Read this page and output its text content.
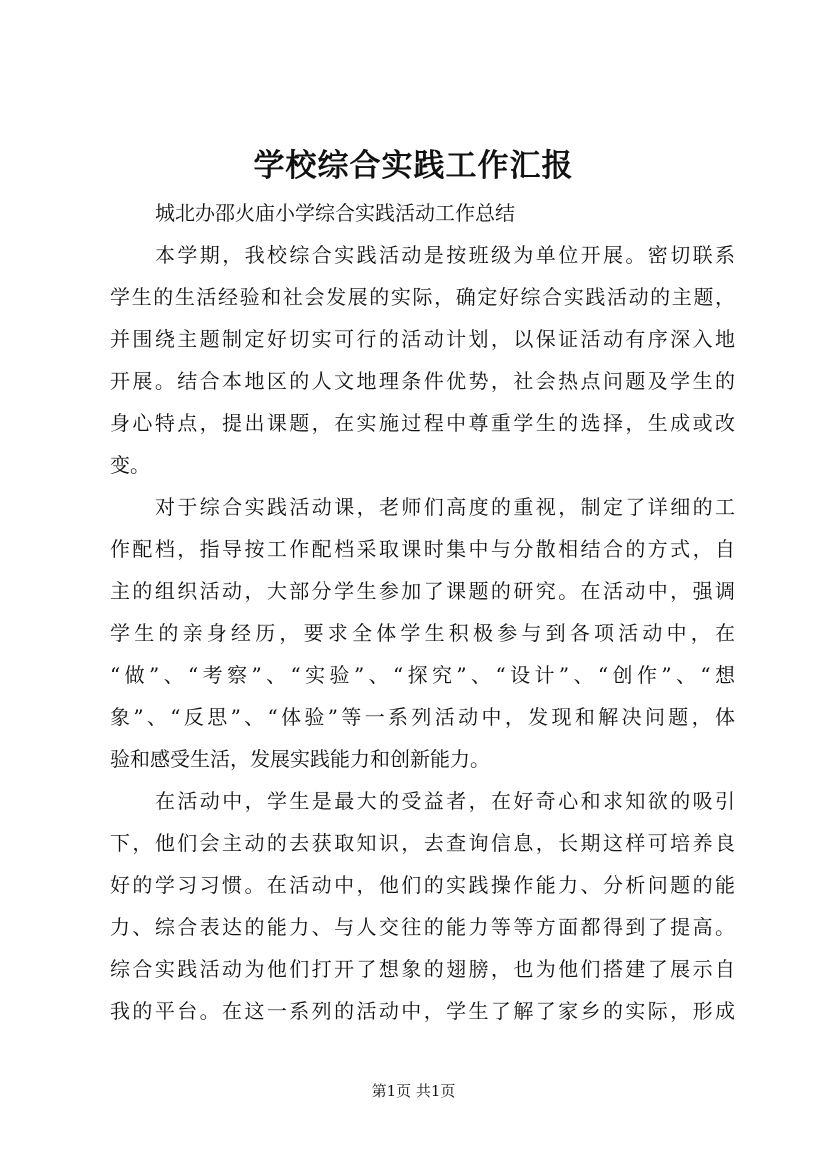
学校综合实践工作汇报

城北办邵火庙小学综合实践活动工作总结

本学期，我校综合实践活动是按班级为单位开展。密切联系

学生的生活经验和社会发展的实际，确定好综合实践活动的主题，

并围绕主题制定好切实可行的活动计划，以保证活动有序深入地

开展。结合本地区的人文地理条件优势，社会热点问题及学生的

身心特点，提出课题，在实施过程中尊重学生的选择，生成或改

变。

对于综合实践活动课，老师们高度的重视，制定了详细的工

作配档，指导按工作配档采取课时集中与分散相结合的方式，自

主的组织活动，大部分学生参加了课题的研究。在活动中，强调

学生的亲身经历，要求全体学生积极参与到各项活动中，在

“做”、“考察”、“实验”、“探究”、“设计”、“创作”、“想

象”、“反思”、“体验”等一系列活动中，发现和解决问题，体

验和感受生活，发展实践能力和创新能力。

在活动中，学生是最大的受益者，在好奇心和求知欲的吸引

下，他们会主动的去获取知识，去查询信息，长期这样可培养良

好的学习习惯。在活动中，他们的实践操作能力、分析问题的能

力、综合表达的能力、与人交往的能力等等方面都得到了提高。

综合实践活动为他们打开了想象的翅膀，也为他们搭建了展示自

我的平台。在这一系列的活动中，学生了解了家乡的实际，形成

第1页 共1页
